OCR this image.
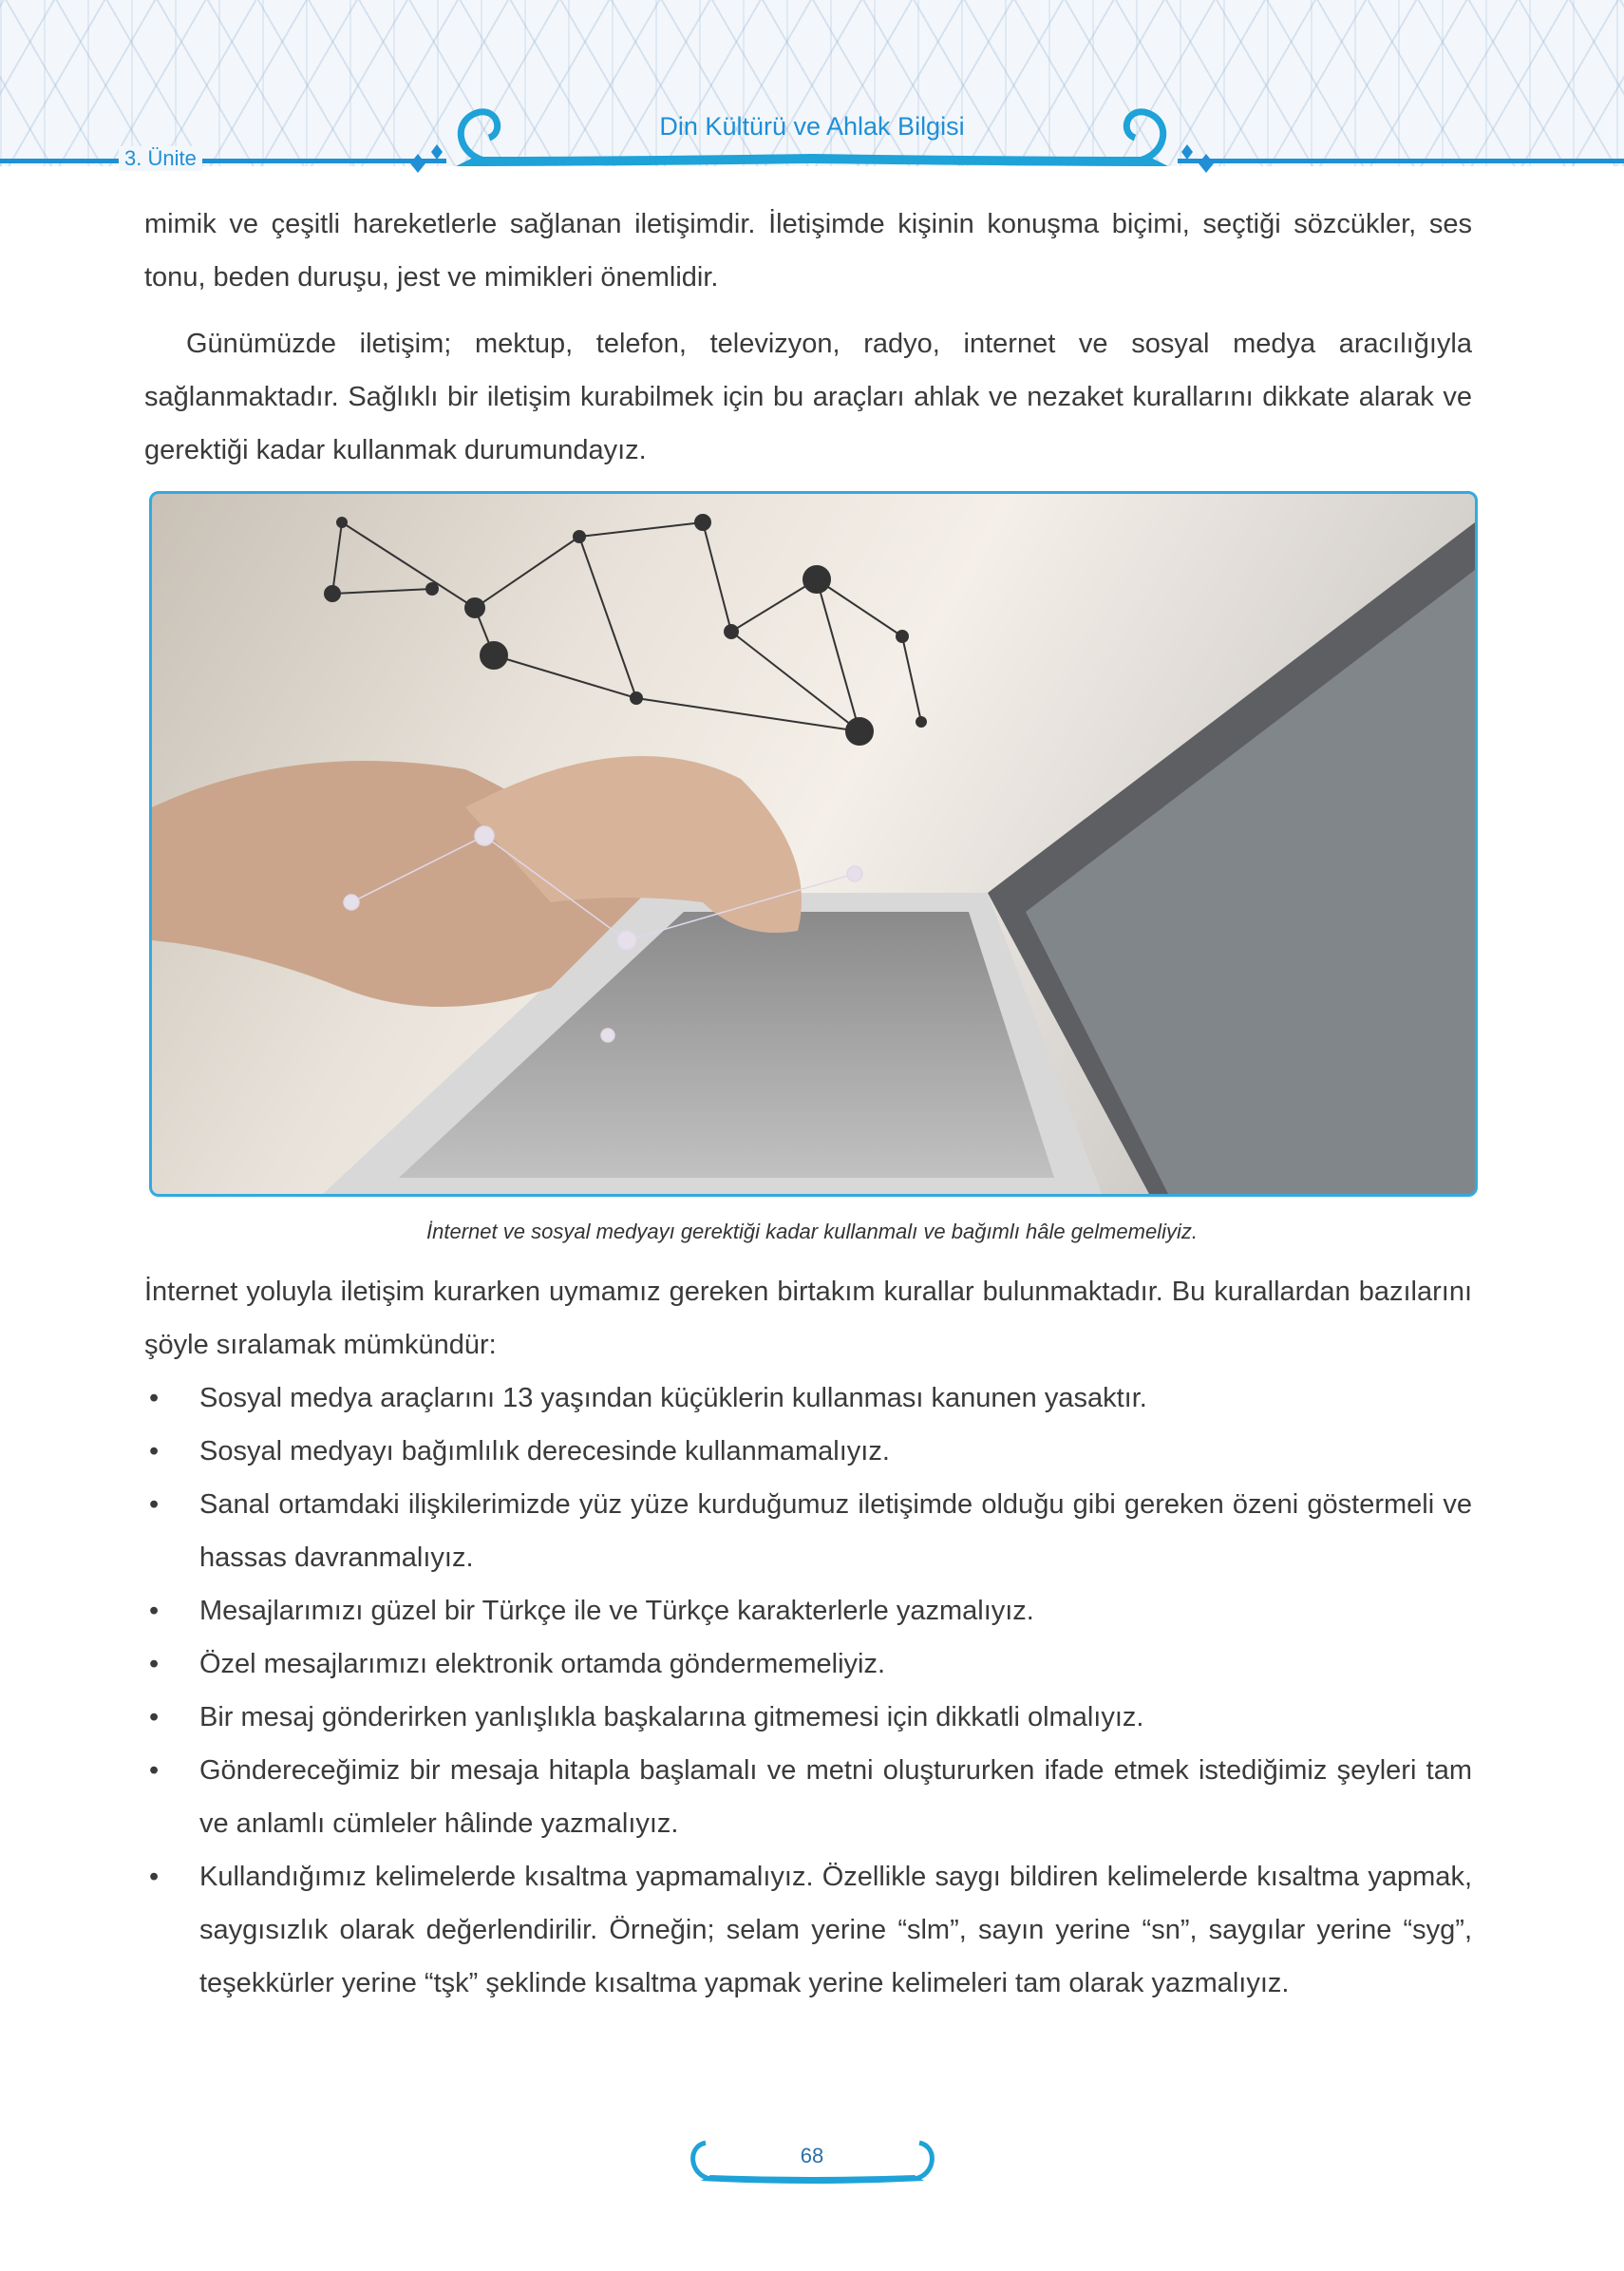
3. Ünite
Din Kültürü ve Ahlak Bilgisi

mimik ve çeşitli hareketlerle sağlanan iletişimdir. İletişimde kişinin konuşma biçimi, seçtiği sözcükler, ses tonu, beden duruşu, jest ve mimikleri önemlidir.

Günümüzde iletişim; mektup, telefon, televizyon, radyo, internet ve sosyal medya aracılığıyla sağlanmaktadır. Sağlıklı bir iletişim kurabilmek için bu araçları ahlak ve nezaket kurallarını dikkate alarak ve gerektiği kadar kullanmak durumundayız.

İnternet ve sosyal medyayı gerektiği kadar kullanmalı ve bağımlı hâle gelmemeliyiz.

İnternet yoluyla iletişim kurarken uymamız gereken birtakım kurallar bulunmaktadır. Bu kurallardan bazılarını şöyle sıralamak mümkündür:

• Sosyal medya araçlarını 13 yaşından küçüklerin kullanması kanunen yasaktır.
• Sosyal medyayı bağımlılık derecesinde kullanmamalıyız.
• Sanal ortamdaki ilişkilerimizde yüz yüze kurduğumuz iletişimde olduğu gibi gereken özeni göstermeli ve hassas davranmalıyız.
• Mesajlarımızı güzel bir Türkçe ile ve Türkçe karakterlerle yazmalıyız.
• Özel mesajlarımızı elektronik ortamda göndermemeliyiz.
• Bir mesaj gönderirken yanlışlıkla başkalarına gitmemesi için dikkatli olmalıyız.
• Göndereceğimiz bir mesaja hitapla başlamalı ve metni oluştururken ifade etmek istediğimiz şeyleri tam ve anlamlı cümleler hâlinde yazmalıyız.
• Kullandığımız kelimelerde kısaltma yapmamalıyız. Özellikle saygı bildiren kelimelerde kısaltma yapmak, saygısızlık olarak değerlendirilir. Örneğin; selam yerine “slm”, sayın yerine “sn”, saygılar yerine “syg”, teşekkürler yerine “tşk” şeklinde kısaltma yapmak yerine kelimeleri tam olarak yazmalıyız.
68
